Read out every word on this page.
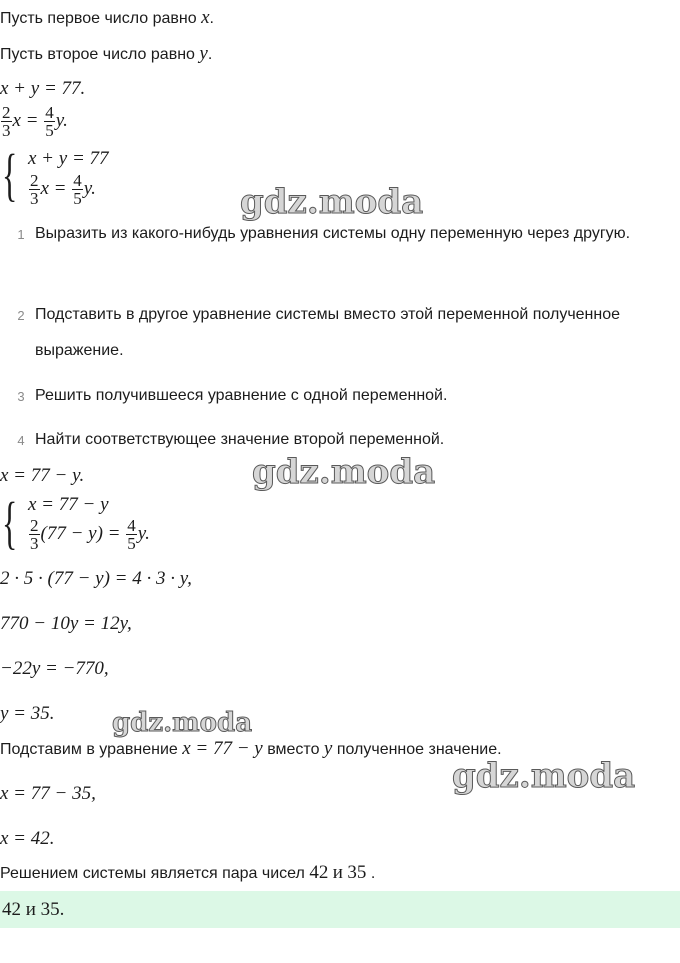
Пусть первое число равно x.
Пусть второе число равно y.
x + y = 77.
$\frac{2}{3}$ $x = \frac{4}{5} y$.
{ x + y = 77
$\frac{2}{3}$ $x = \frac{4}{5} y$.	gdz.moda
1 Выразить из какого-нибудь уравнения системы одну переменную через другую.
2 Подставить в другое уравнение системы вместо этой переменной полученное выражение.
3 Решить получившееся уравнение с одной переменной.
4 Найти соответствующее значение второй переменной.
x = 77 − y.	gdz.moda
{ x = 77 − y
$\frac{2}{3} (77 - y) = \frac{4}{5} y$.
2 · 5 · (77 − y) = 4 · 3 · y,
770 − 10y = 12y,
−22y = −770,
y = 35. gdz.moda
Подставим в уравнение x = 77 − y вместо y полученное значение.
gdz.moda
x = 77 − 35,
x = 42.
Решением системы является пара чисел 42 и 35 .
42 и 35.
